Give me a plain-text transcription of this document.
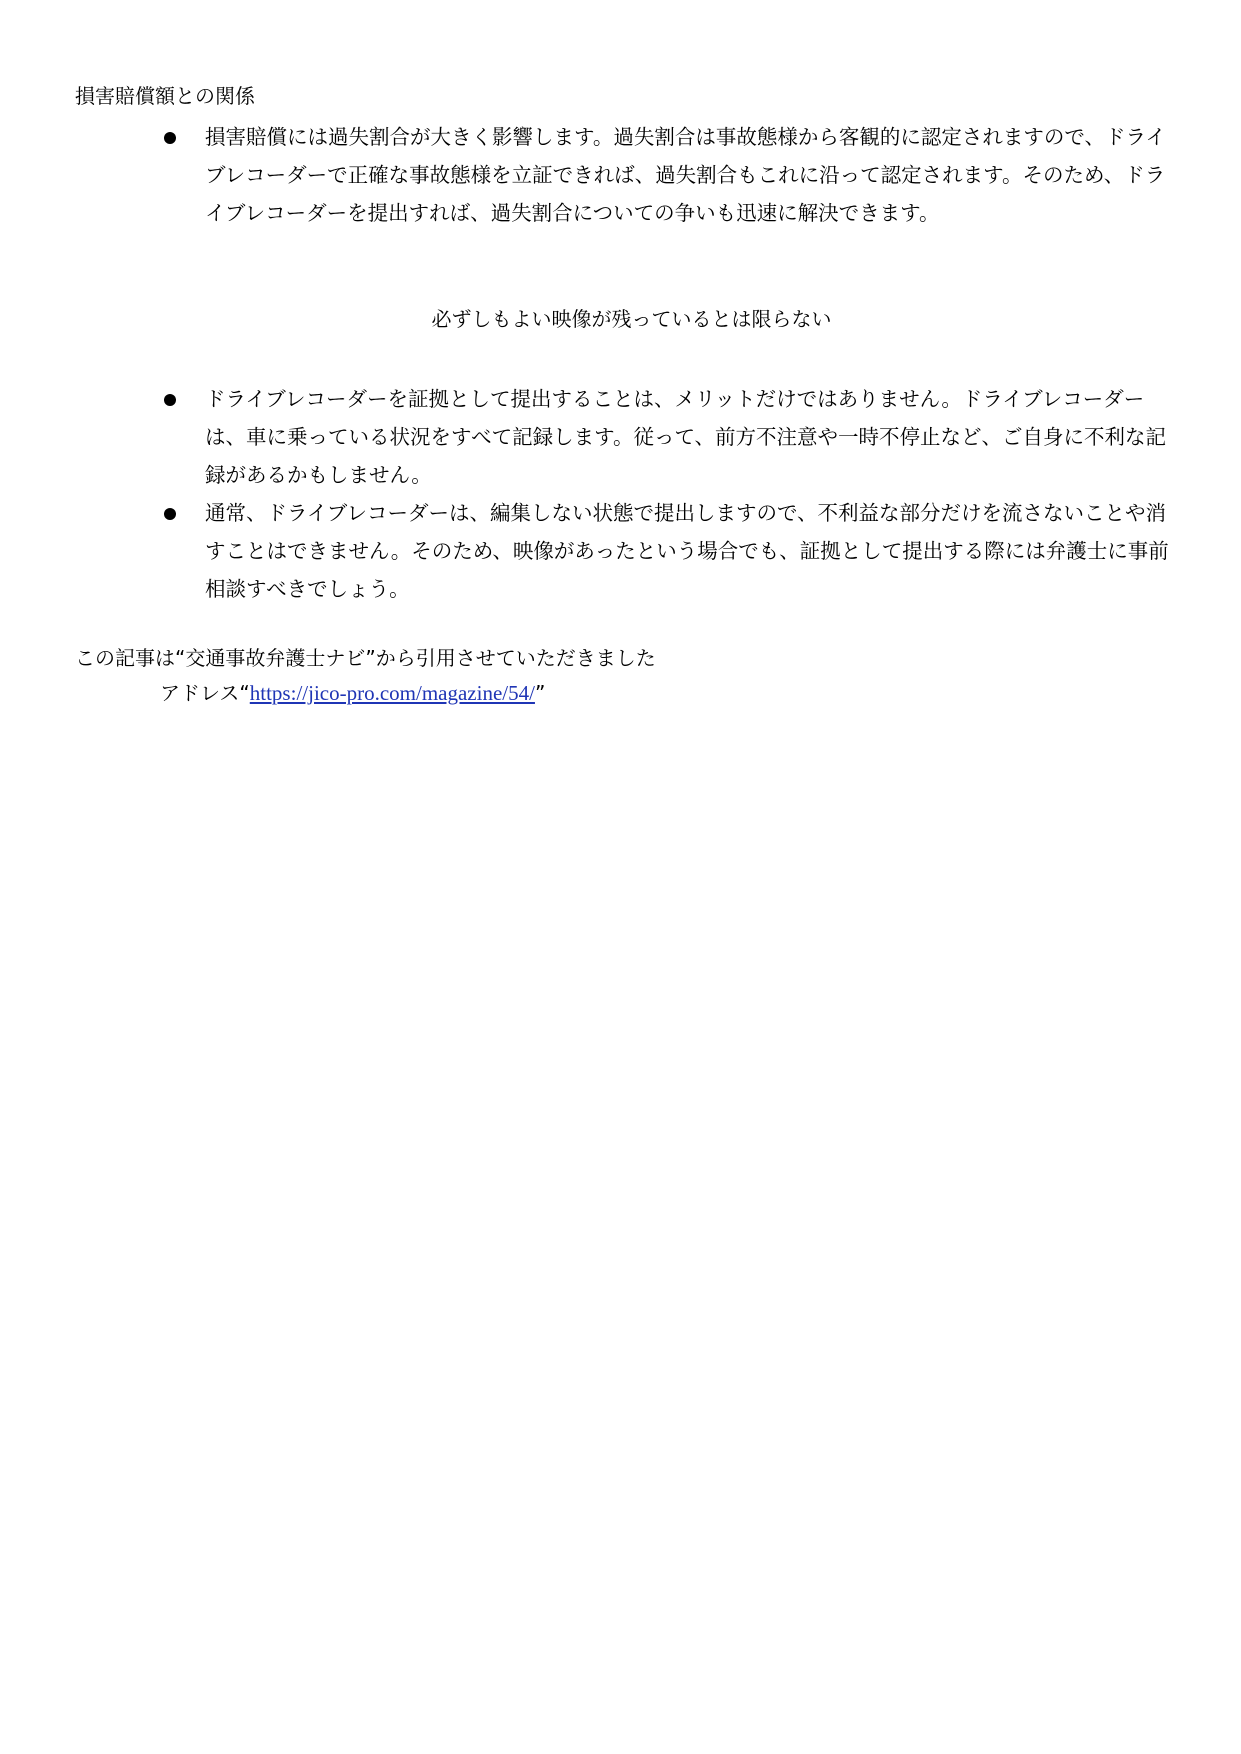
損害賠償額との関係
損害賠償には過失割合が大きく影響します。過失割合は事故態様から客観的に認定されますので、ドライブレコーダーで正確な事故態様を立証できれば、過失割合もこれに沿って認定されます。そのため、ドライブレコーダーを提出すれば、過失割合についての争いも迅速に解決できます。
必ずしもよい映像が残っているとは限らない
ドライブレコーダーを証拠として提出することは、メリットだけではありません。ドライブレコーダーは、車に乗っている状況をすべて記録します。従って、前方不注意や一時不停止など、ご自身に不利な記録があるかもしません。
通常、ドライブレコーダーは、編集しない状態で提出しますので、不利益な部分だけを流さないことや消すことはできません。そのため、映像があったという場合でも、証拠として提出する際には弁護士に事前相談すべきでしょう。
この記事は“交通事故弁護士ナビ”から引用させていただきました
アドレス“https://jico-pro.com/magazine/54/”
